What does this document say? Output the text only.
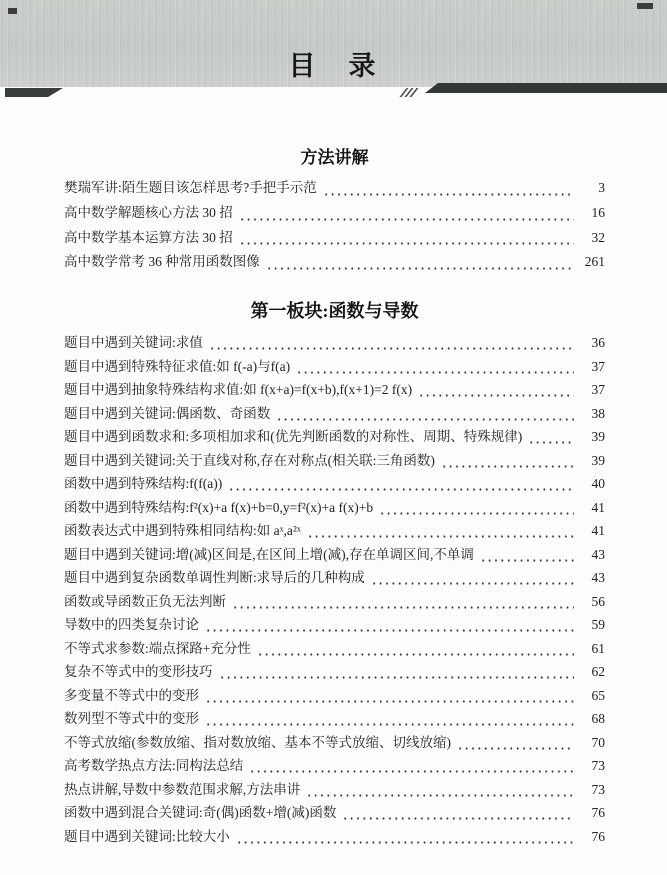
目　录
方法讲解
樊瑞军讲:陌生题目该怎样思考?手把手示范	3
高中数学解题核心方法 30 招	16
高中数学基本运算方法 30 招	32
高中数学常考 36 种常用函数图像	261
第一板块:函数与导数
题目中遇到关键词:求值	36
题目中遇到特殊特征求值:如 f(-a)与f(a)	37
题目中遇到抽象特殊结构求值:如 f(x+a)=f(x+b),f(x+1)=2 f(x)	37
题目中遇到关键词:偶函数、奇函数	38
题目中遇到函数求和:多项相加求和(优先判断函数的对称性、周期、特殊规律)	39
题目中遇到关键词:关于直线对称,存在对称点(相关联:三角函数)	39
函数中遇到特殊结构:f(f(a))	40
函数中遇到特殊结构:f²(x)+a f(x)+b=0,y=f²(x)+a f(x)+b	41
函数表达式中遇到特殊相同结构:如 aˣ,a²ˣ	41
题目中遇到关键词:增(减)区间是,在区间上增(减),存在单调区间,不单调	43
题目中遇到复杂函数单调性判断:求导后的几种构成	43
函数或导函数正负无法判断	56
导数中的四类复杂讨论	59
不等式求参数:端点探路+充分性	61
复杂不等式中的变形技巧	62
多变量不等式中的变形	65
数列型不等式中的变形	68
不等式放缩(参数放缩、指对数放缩、基本不等式放缩、切线放缩)	70
高考数学热点方法:同构法总结	73
热点讲解,导数中参数范围求解,方法串讲	73
函数中遇到混合关键词:奇(偶)函数+增(减)函数	76
题目中遇到关键词:比较大小	76
